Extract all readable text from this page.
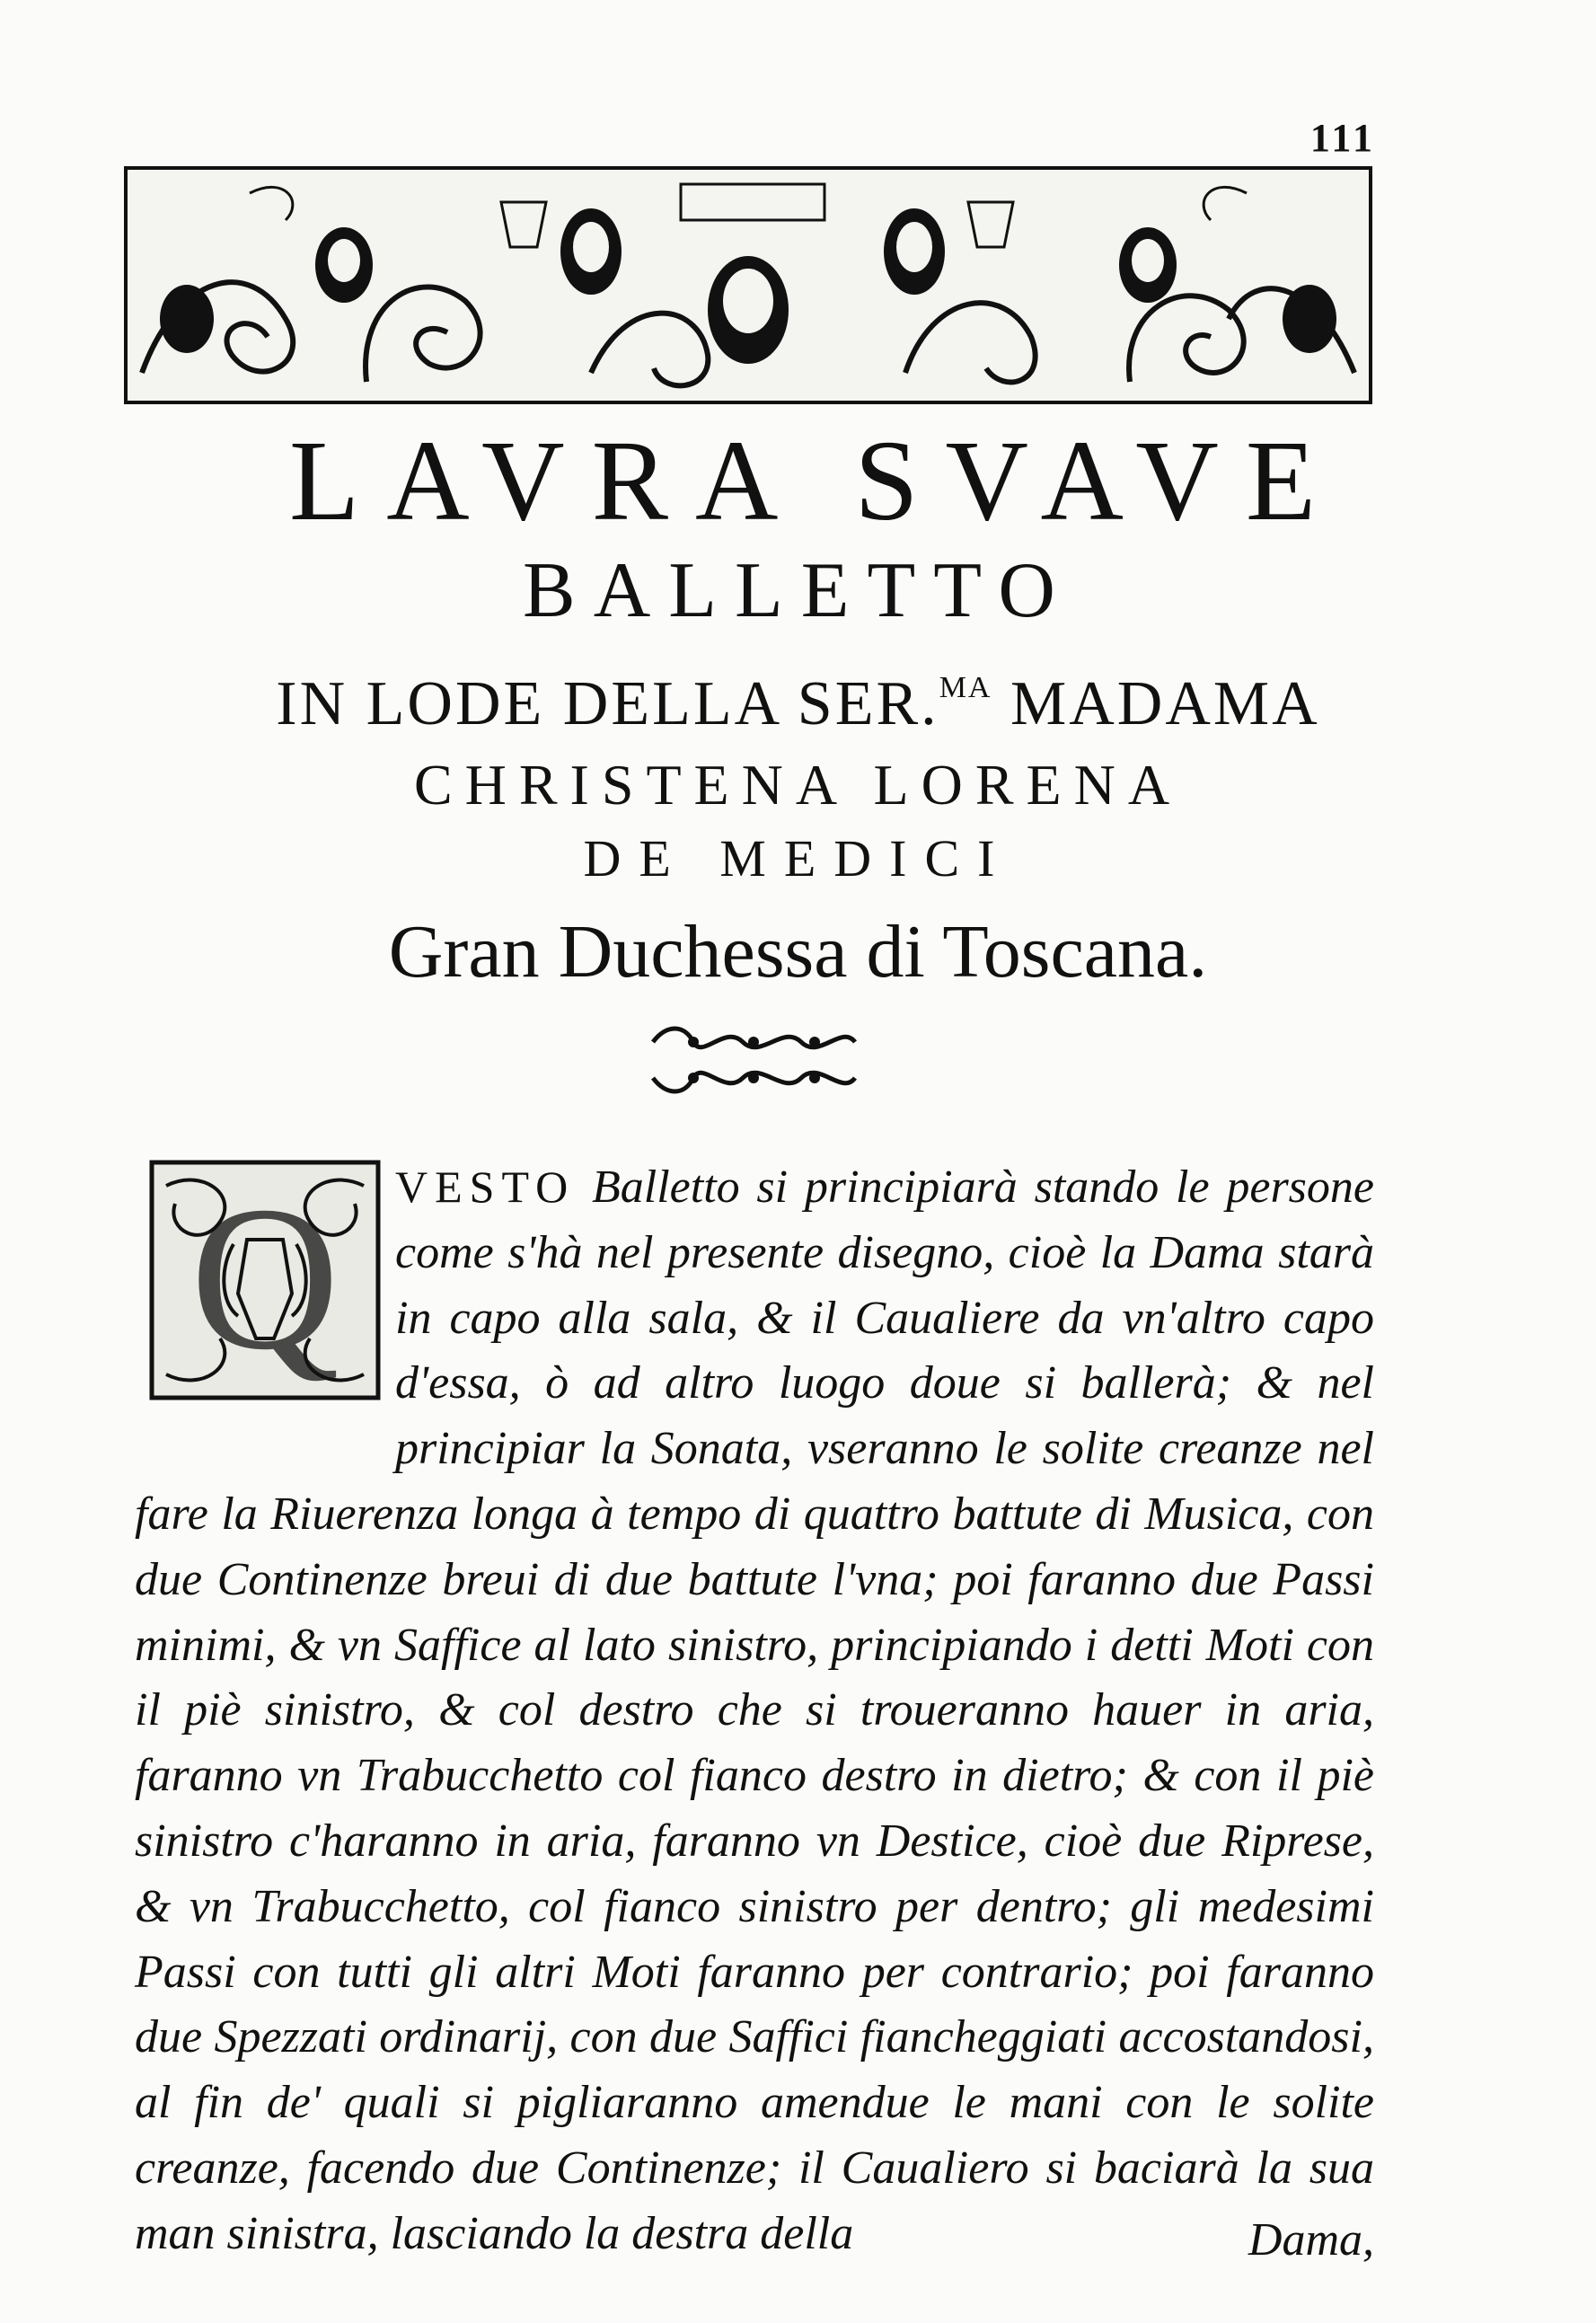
111
LAVRA SVAVE
BALLETTO
IN LODE DELLA SER.$^{MA}$ MADAMA
CHRISTENA LORENA
DE MEDICI
Gran Duchessa di Toscana.
Q	VESTO Balletto si principiarà stando le persone come s'hà nel presente disegno, cioè la Dama starà in capo alla sala, & il Caualiere da vn'altro capo d'essa, ò ad altro luogo doue si ballerà; & nel principiar la Sonata, vseranno le solite creanze nel fare la Riuerenza longa à tempo di quattro battute di Musica, con due Continenze breui di due battute l'vna; poi faranno due Passi minimi, & vn Saffice al lato sinistro, principiando i detti Moti con il piè sinistro, & col destro che si troueranno hauer in aria, faranno vn Trabucchetto col fianco destro in dietro; & con il piè sinistro c'haranno in aria, faranno vn Destice, cioè due Riprese, & vn Trabucchetto, col fianco sinistro per dentro; gli medesimi Passi con tutti gli altri Moti faranno per contrario; poi faranno due Spezzati ordinarij, con due Saffici fiancheggiati accostandosi, al fin de' quali si pigliaranno amendue le mani con le solite creanze, facendo due Continenze; il Caualiero si baciarà la sua man sinistra, lasciando la destra della	Dama,
